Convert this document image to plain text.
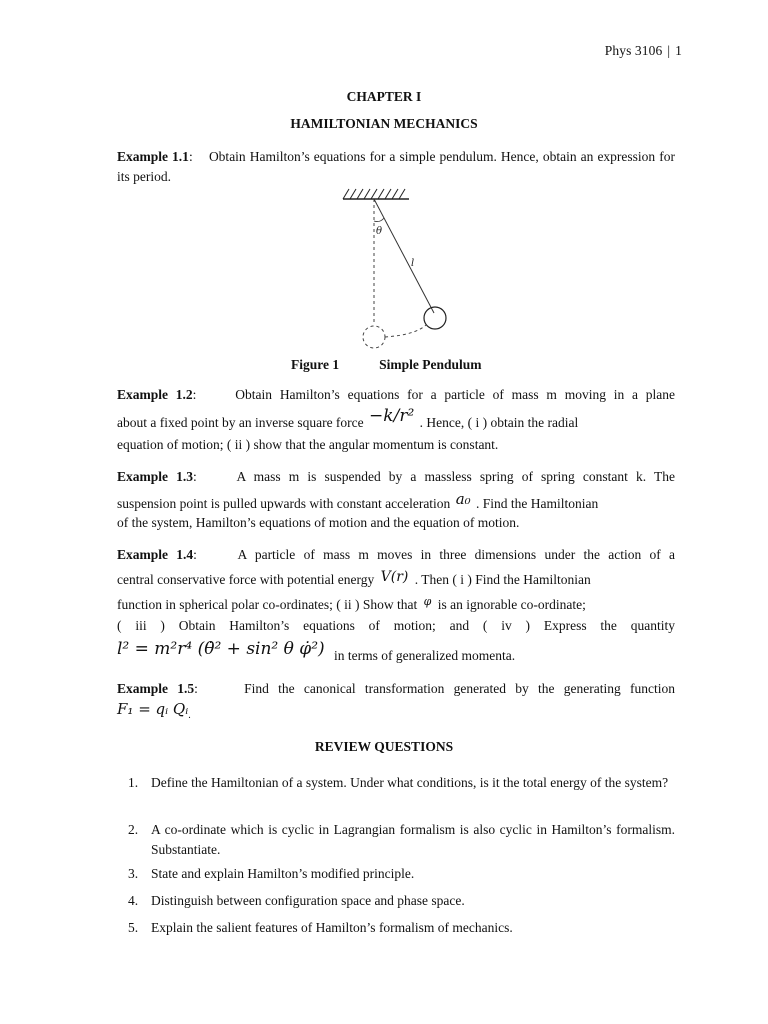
Phys 3106 | 1
CHAPTER I
HAMILTONIAN MECHANICS
Example 1.1: Obtain Hamilton’s equations for a simple pendulum. Hence, obtain an expression for its period.
θ
l
Figure 1	Simple Pendulum
Example 1.2:	Obtain Hamilton’s equations for a particle of mass m moving in a plane
about a fixed point by an inverse square force −k/r² . Hence, ( i ) obtain the radial
equation of motion; ( ii ) show that the angular momentum is constant.
Example 1.3:	A mass m is suspended by a massless spring of spring constant k. The
suspension point is pulled upwards with constant acceleration a₀ . Find the Hamiltonian
of the system, Hamilton’s equations of motion and the equation of motion.
Example 1.4:	A particle of mass m moves in three dimensions under the action of a
central conservative force with potential energy V(r) . Then ( i ) Find the Hamiltonian
function in spherical polar co-ordinates; ( ii ) Show that $^\varphi$ is an ignorable co-ordinate;
( iii ) Obtain Hamilton’s equations of motion; and ( iv ) Express the quantity
l² = m²r⁴ (θ̇² + sin² θ φ̇²) in terms of generalized momenta.
Example 1.5:	Find the canonical transformation generated by the generating function
F₁ = qᵢ Qᵢ$_.$
REVIEW QUESTIONS
1. Define the Hamiltonian of a system. Under what conditions, is it the total energy of the system?
2. A co-ordinate which is cyclic in Lagrangian formalism is also cyclic in Hamilton’s formalism. Substantiate.
3. State and explain Hamilton’s modified principle.
4. Distinguish between configuration space and phase space.
5. Explain the salient features of Hamilton’s formalism of mechanics.
